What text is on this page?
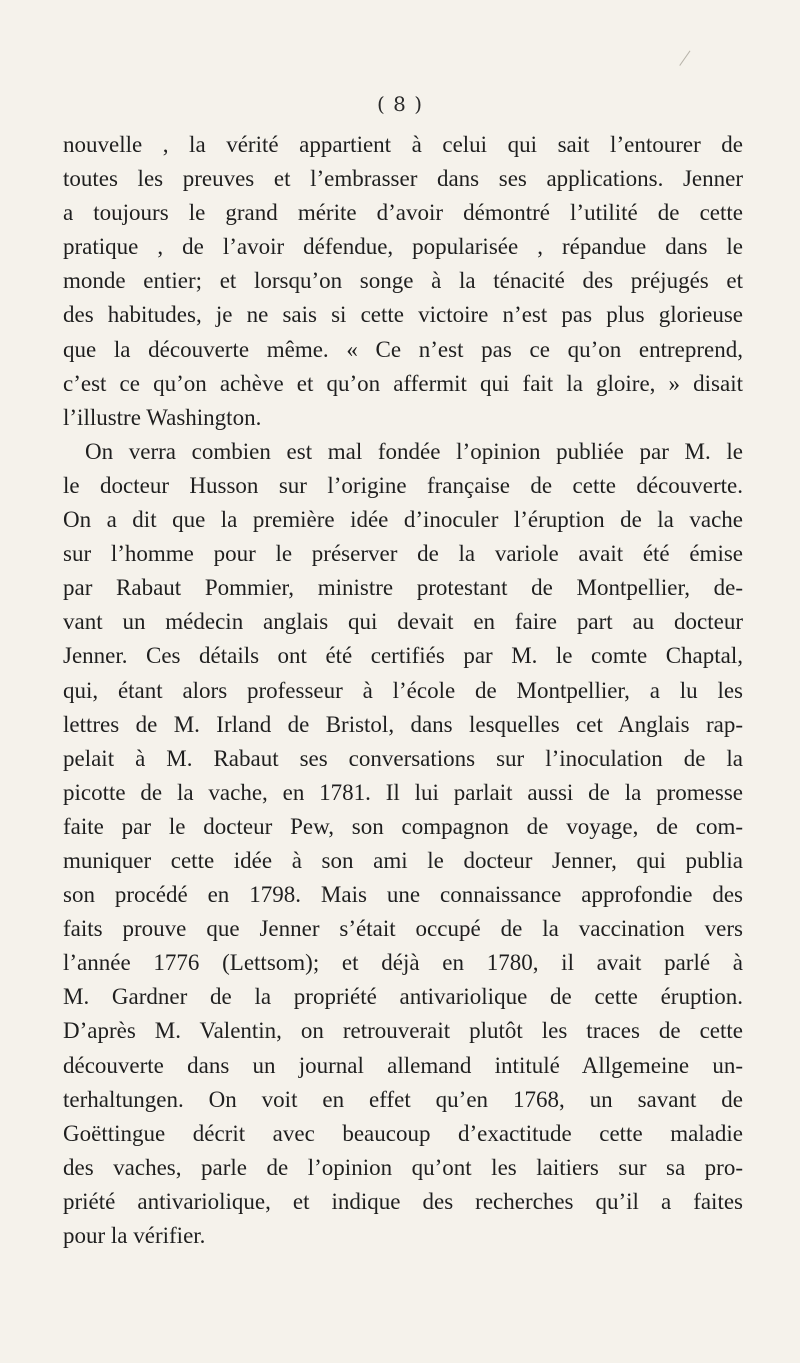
( 8 )
nouvelle , la vérité appartient à celui qui sait l’entourer de
toutes les preuves et l’embrasser dans ses applications. Jenner
a toujours le grand mérite d’avoir démontré l’utilité de cette
pratique , de l’avoir défendue, popularisée , répandue dans le
monde entier; et lorsqu’on songe à la ténacité des préjugés et
des habitudes, je ne sais si cette victoire n’est pas plus glorieuse
que la découverte même. « Ce n’est pas ce qu’on entreprend,
c’est ce qu’on achève et qu’on affermit qui fait la gloire, » disait
l’illustre Washington.
On verra combien est mal fondée l’opinion publiée par M. le
le docteur Husson sur l’origine française de cette découverte.
On a dit que la première idée d’inoculer l’éruption de la vache
sur l’homme pour le préserver de la variole avait été émise
par Rabaut Pommier, ministre protestant de Montpellier, de-
vant un médecin anglais qui devait en faire part au docteur
Jenner. Ces détails ont été certifiés par M. le comte Chaptal,
qui, étant alors professeur à l’école de Montpellier, a lu les
lettres de M. Irland de Bristol, dans lesquelles cet Anglais rap-
pelait à M. Rabaut ses conversations sur l’inoculation de la
picotte de la vache, en 1781. Il lui parlait aussi de la promesse
faite par le docteur Pew, son compagnon de voyage, de com-
muniquer cette idée à son ami le docteur Jenner, qui publia
son procédé en 1798. Mais une connaissance approfondie des
faits prouve que Jenner s’était occupé de la vaccination vers
l’année 1776 (Lettsom); et déjà en 1780, il avait parlé à
M. Gardner de la propriété antivariolique de cette éruption.
D’après M. Valentin, on retrouverait plutôt les traces de cette
découverte dans un journal allemand intitulé Allgemeine un-
terhaltungen. On voit en effet qu’en 1768, un savant de
Goëttingue décrit avec beaucoup d’exactitude cette maladie
des vaches, parle de l’opinion qu’ont les laitiers sur sa pro-
priété antivariolique, et indique des recherches qu’il a faites
pour la vérifier.
